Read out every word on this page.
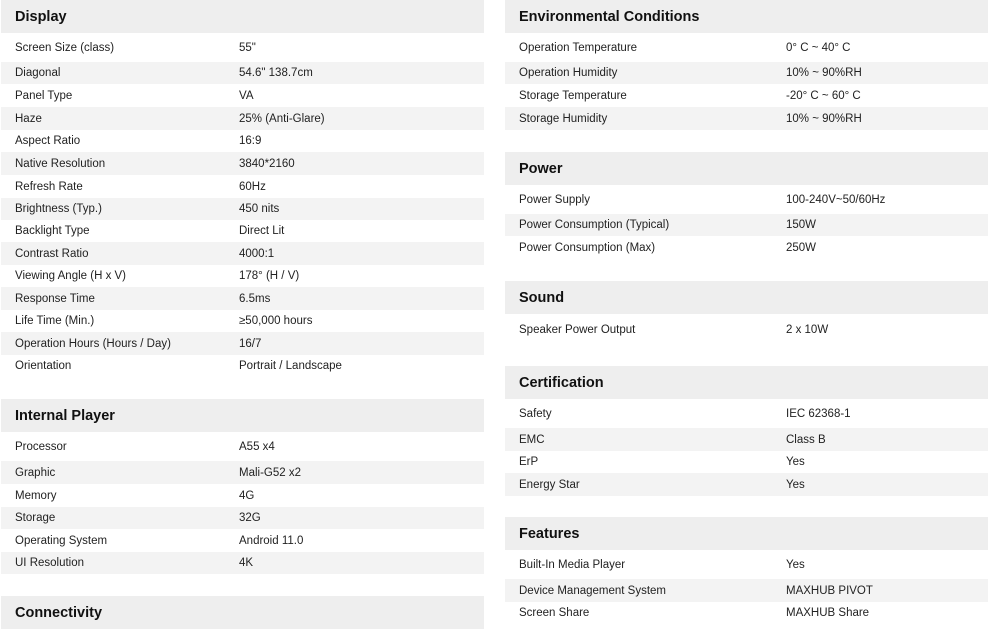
Display
Screen Size (class)	55"
Diagonal	54.6" 138.7cm
Panel Type	VA
Haze	25% (Anti-Glare)
Aspect Ratio	16:9
Native Resolution	3840*2160
Refresh Rate	60Hz
Brightness (Typ.)	450 nits
Backlight Type	Direct Lit
Contrast Ratio	4000:1
Viewing Angle (H x V)	178° (H / V)
Response Time	6.5ms
Life Time (Min.)	≥50,000 hours
Operation Hours (Hours / Day)	16/7
Orientation	Portrait / Landscape
Internal Player
Processor	A55 x4
Graphic	Mali-G52 x2
Memory	4G
Storage	32G
Operating System	Android 11.0
UI Resolution	4K
Connectivity
Environmental Conditions
Operation Temperature	0° C ~ 40° C
Operation Humidity	10% ~ 90%RH
Storage Temperature	-20° C ~ 60° C
Storage Humidity	10% ~ 90%RH
Power
Power Supply	100-240V~50/60Hz
Power Consumption (Typical)	150W
Power Consumption (Max)	250W
Sound
Speaker Power Output	2 x 10W
Certification
Safety	IEC 62368-1
EMC	Class B
ErP	Yes
Energy Star	Yes
Features
Built-In Media Player	Yes
Device Management System	MAXHUB PIVOT
Screen Share	MAXHUB Share
